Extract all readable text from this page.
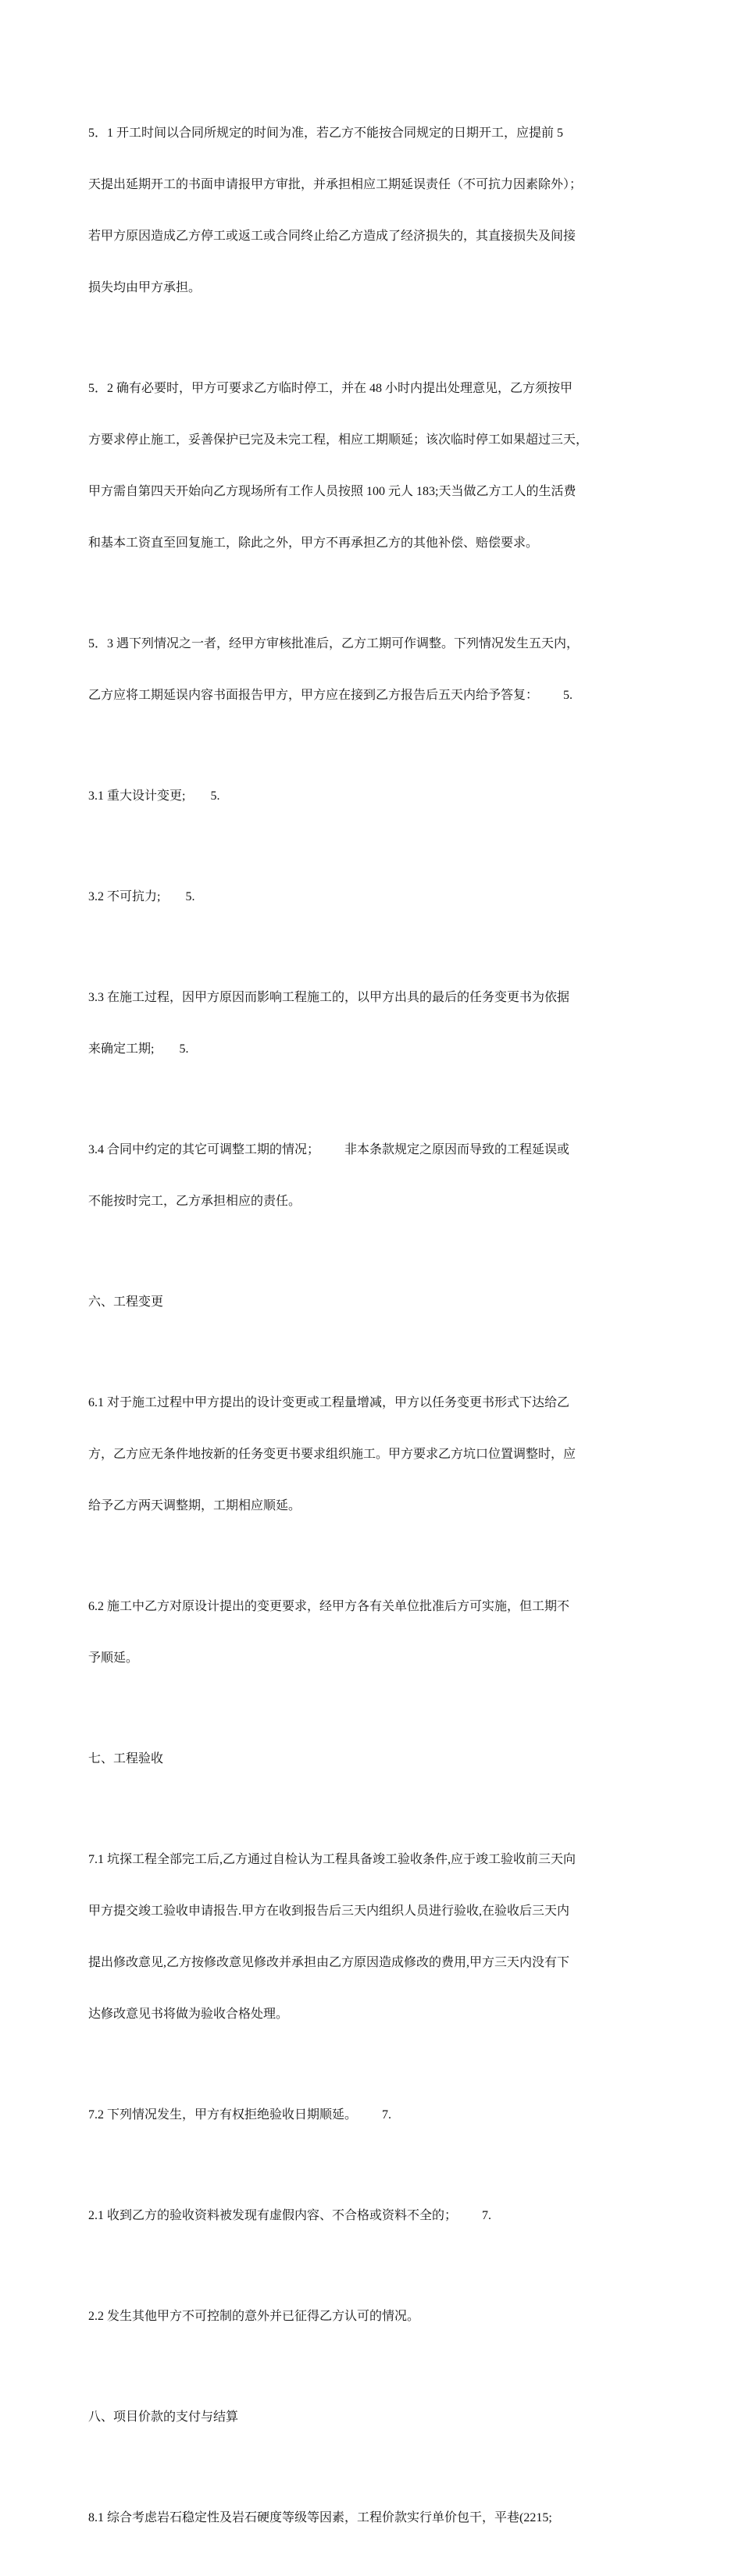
5．1 开工时间以合同所规定的时间为准，若乙方不能按合同规定的日期开工，应提前 5

天提出延期开工的书面申请报甲方审批，并承担相应工期延误责任（不可抗力因素除外）；

若甲方原因造成乙方停工或返工或合同终止给乙方造成了经济损失的，其直接损失及间接

损失均由甲方承担。

5．2 确有必要时，甲方可要求乙方临时停工，并在 48 小时内提出处理意见，乙方须按甲

方要求停止施工，妥善保护已完及未完工程，相应工期顺延；该次临时停工如果超过三天，

甲方需自第四天开始向乙方现场所有工作人员按照 100 元人 183;天当做乙方工人的生活费

和基本工资直至回复施工，除此之外，甲方不再承担乙方的其他补偿、赔偿要求。

5．3 遇下列情况之一者，经甲方审核批准后，乙方工期可作调整。下列情况发生五天内，

乙方应将工期延误内容书面报告甲方，甲方应在接到乙方报告后五天内给予答复：        5.

3.1 重大设计变更;        5.

3.2 不可抗力;        5.

3.3 在施工过程，因甲方原因而影响工程施工的，以甲方出具的最后的任务变更书为依据

来确定工期;        5.

3.4 合同中约定的其它可调整工期的情况；        非本条款规定之原因而导致的工程延误或

不能按时完工，乙方承担相应的责任。

六、工程变更

6.1 对于施工过程中甲方提出的设计变更或工程量增减，甲方以任务变更书形式下达给乙

方，乙方应无条件地按新的任务变更书要求组织施工。甲方要求乙方坑口位置调整时，应

给予乙方两天调整期，工期相应顺延。

6.2 施工中乙方对原设计提出的变更要求，经甲方各有关单位批准后方可实施，但工期不

予顺延。

七、工程验收

7.1 坑探工程全部完工后,乙方通过自检认为工程具备竣工验收条件,应于竣工验收前三天向

甲方提交竣工验收申请报告.甲方在收到报告后三天内组织人员进行验收,在验收后三天内

提出修改意见,乙方按修改意见修改并承担由乙方原因造成修改的费用,甲方三天内没有下

达修改意见书将做为验收合格处理。

7.2 下列情况发生，甲方有权拒绝验收日期顺延。        7.

2.1 收到乙方的验收资料被发现有虚假内容、不合格或资料不全的；        7.

2.2 发生其他甲方不可控制的意外并已征得乙方认可的情况。

八、项目价款的支付与结算

8.1 综合考虑岩石稳定性及岩石硬度等级等因素，工程价款实行单价包干，平巷(2215;
